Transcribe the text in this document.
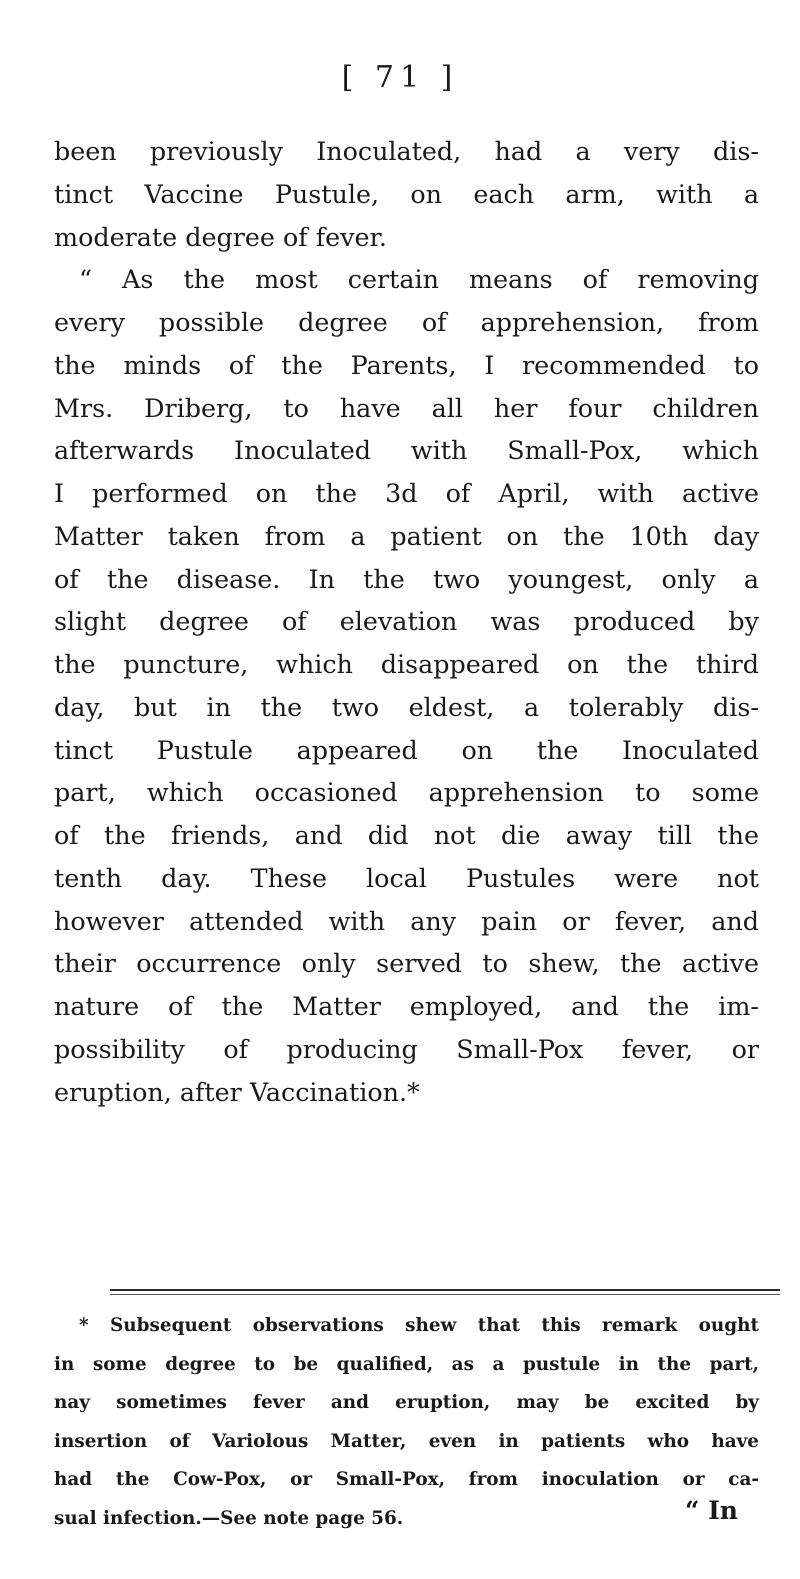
[ 71 ]
been previously Inoculated, had a very dis-
tinct Vaccine Pustule, on each arm, with a
moderate degree of fever.
“ As the most certain means of removing
every possible degree of apprehension, from
the minds of the Parents, I recommended to
Mrs. Driberg, to have all her four children
afterwards Inoculated with Small-Pox, which
I performed on the 3d of April, with active
Matter taken from a patient on the 10th day
of the disease. In the two youngest, only a
slight degree of elevation was produced by
the puncture, which disappeared on the third
day, but in the two eldest, a tolerably dis-
tinct Pustule appeared on the Inoculated
part, which occasioned apprehension to some
of the friends, and did not die away till the
tenth day. These local Pustules were not
however attended with any pain or fever, and
their occurrence only served to shew, the active
nature of the Matter employed, and the im-
possibility of producing Small-Pox fever, or
eruption, after Vaccination.*
* Subsequent observations shew that this remark ought
in some degree to be qualified, as a pustule in the part,
nay sometimes fever and eruption, may be excited by
insertion of Variolous Matter, even in patients who have
had the Cow-Pox, or Small-Pox, from inoculation or ca-
sual infection.—See note page 56.	“ In
